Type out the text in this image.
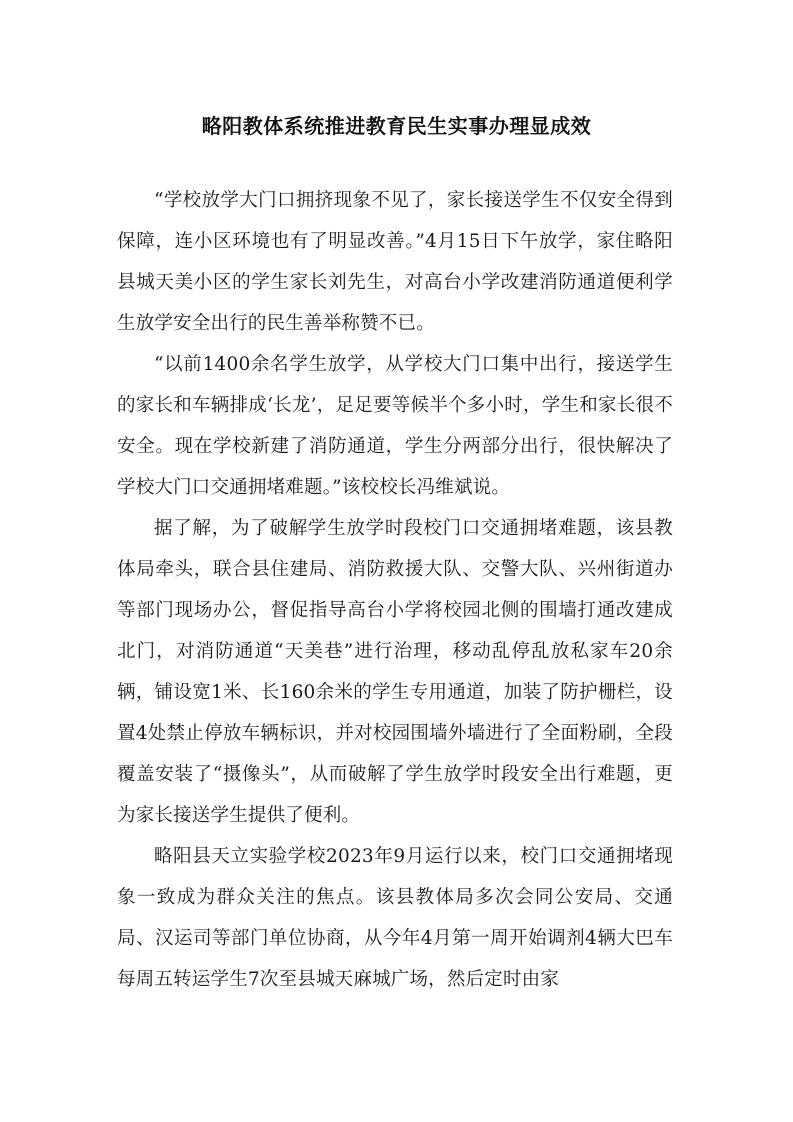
略阳教体系统推进教育民生实事办理显成效

“学校放学大门口拥挤现象不见了，家长接送学生不仅安全得到保障，连小区环境也有了明显改善。”4月15日下午放学，家住略阳县城天美小区的学生家长刘先生，对高台小学改建消防通道便利学生放学安全出行的民生善举称赞不已。

“以前1400余名学生放学，从学校大门口集中出行，接送学生的家长和车辆排成‘长龙’，足足要等候半个多小时，学生和家长很不安全。现在学校新建了消防通道，学生分两部分出行，很快解决了学校大门口交通拥堵难题。”该校校长冯维斌说。

据了解，为了破解学生放学时段校门口交通拥堵难题，该县教体局牵头，联合县住建局、消防救援大队、交警大队、兴州街道办等部门现场办公，督促指导高台小学将校园北侧的围墙打通改建成北门，对消防通道“天美巷”进行治理，移动乱停乱放私家车20余辆，铺设宽1米、长160余米的学生专用通道，加装了防护栅栏，设置4处禁止停放车辆标识，并对校园围墙外墙进行了全面粉刷，全段覆盖安装了“摄像头”，从而破解了学生放学时段安全出行难题，更为家长接送学生提供了便利。

略阳县天立实验学校2023年9月运行以来，校门口交通拥堵现象一致成为群众关注的焦点。该县教体局多次会同公安局、交通局、汉运司等部门单位协商，从今年4月第一周开始调剂4辆大巴车每周五转运学生7次至县城天麻城广场，然后定时由家
